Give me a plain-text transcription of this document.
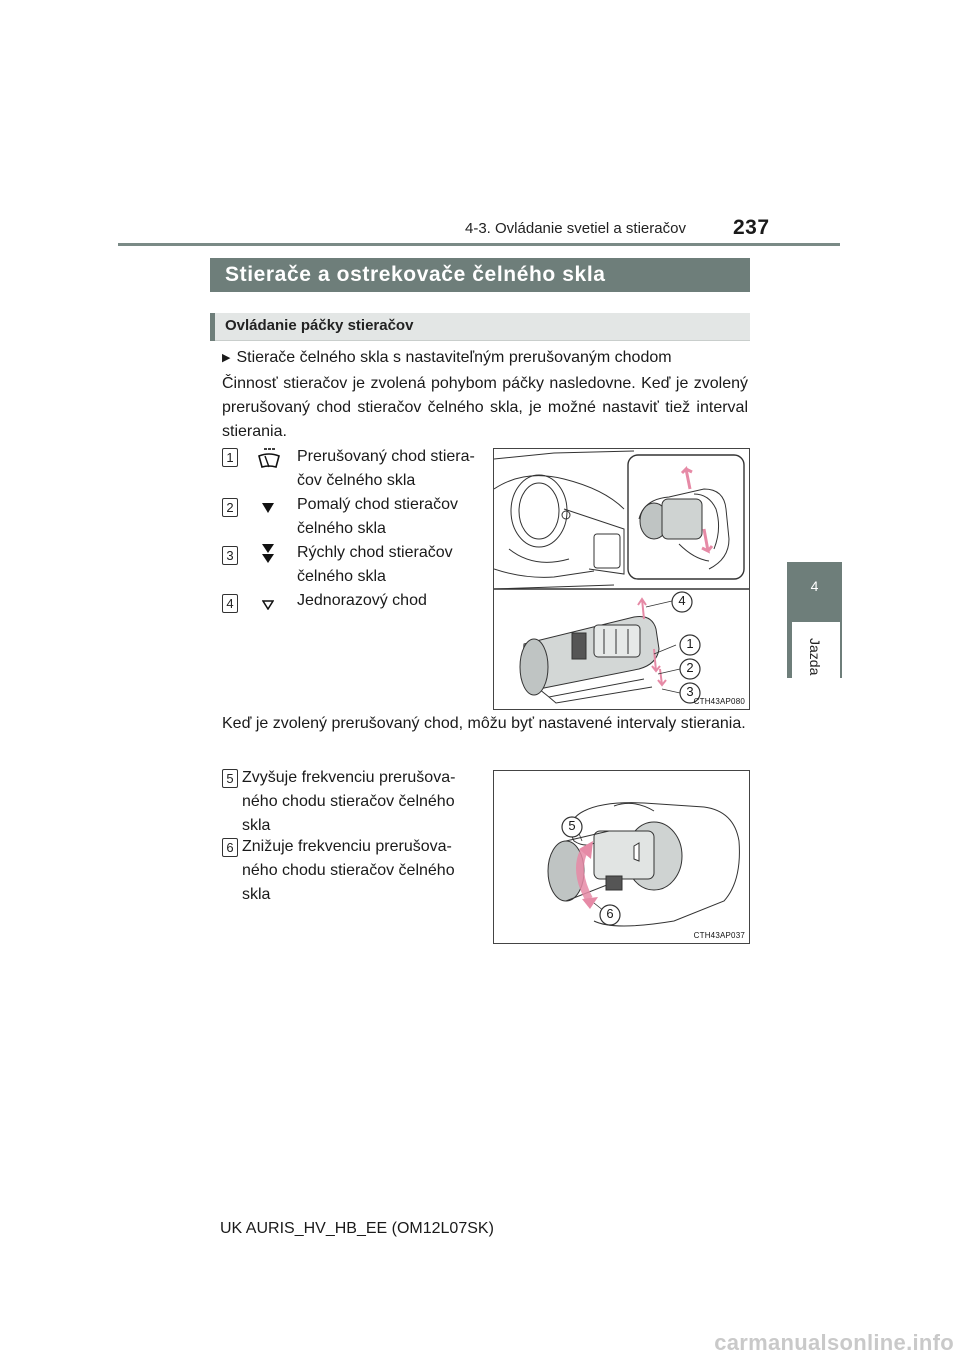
4-3. Ovládanie svetiel a stieračov 237
4
Jazda
Stierače a ostrekovače čelného skla
Ovládanie páčky stieračov
▶ Stierače čelného skla s nastaviteľným prerušovaným chodom
Činnosť stieračov je zvolená pohybom páčky nasledovne. Keď je zvolený prerušovaný chod stieračov čelného skla, je možné nastaviť tiež interval stierania.
1	Prerušovaný chod stiera-
čov čelného skla
2	Pomalý chod stieračov
čelného skla
3	Rýchly chod stieračov
čelného skla
4	Jednorazový chod	4
1
2
3
CTH43AP080
Keď je zvolený prerušovaný chod, môžu byť nastavené intervaly stierania.
5 Zvyšuje frekvenciu prerušova-
ného chodu stieračov čelného
skla
6 Znižuje frekvenciu prerušova-
ného chodu stieračov čelného
skla
5
6
CTH43AP037
UK AURIS_HV_HB_EE (OM12L07SK)
carmanualsonline.info
